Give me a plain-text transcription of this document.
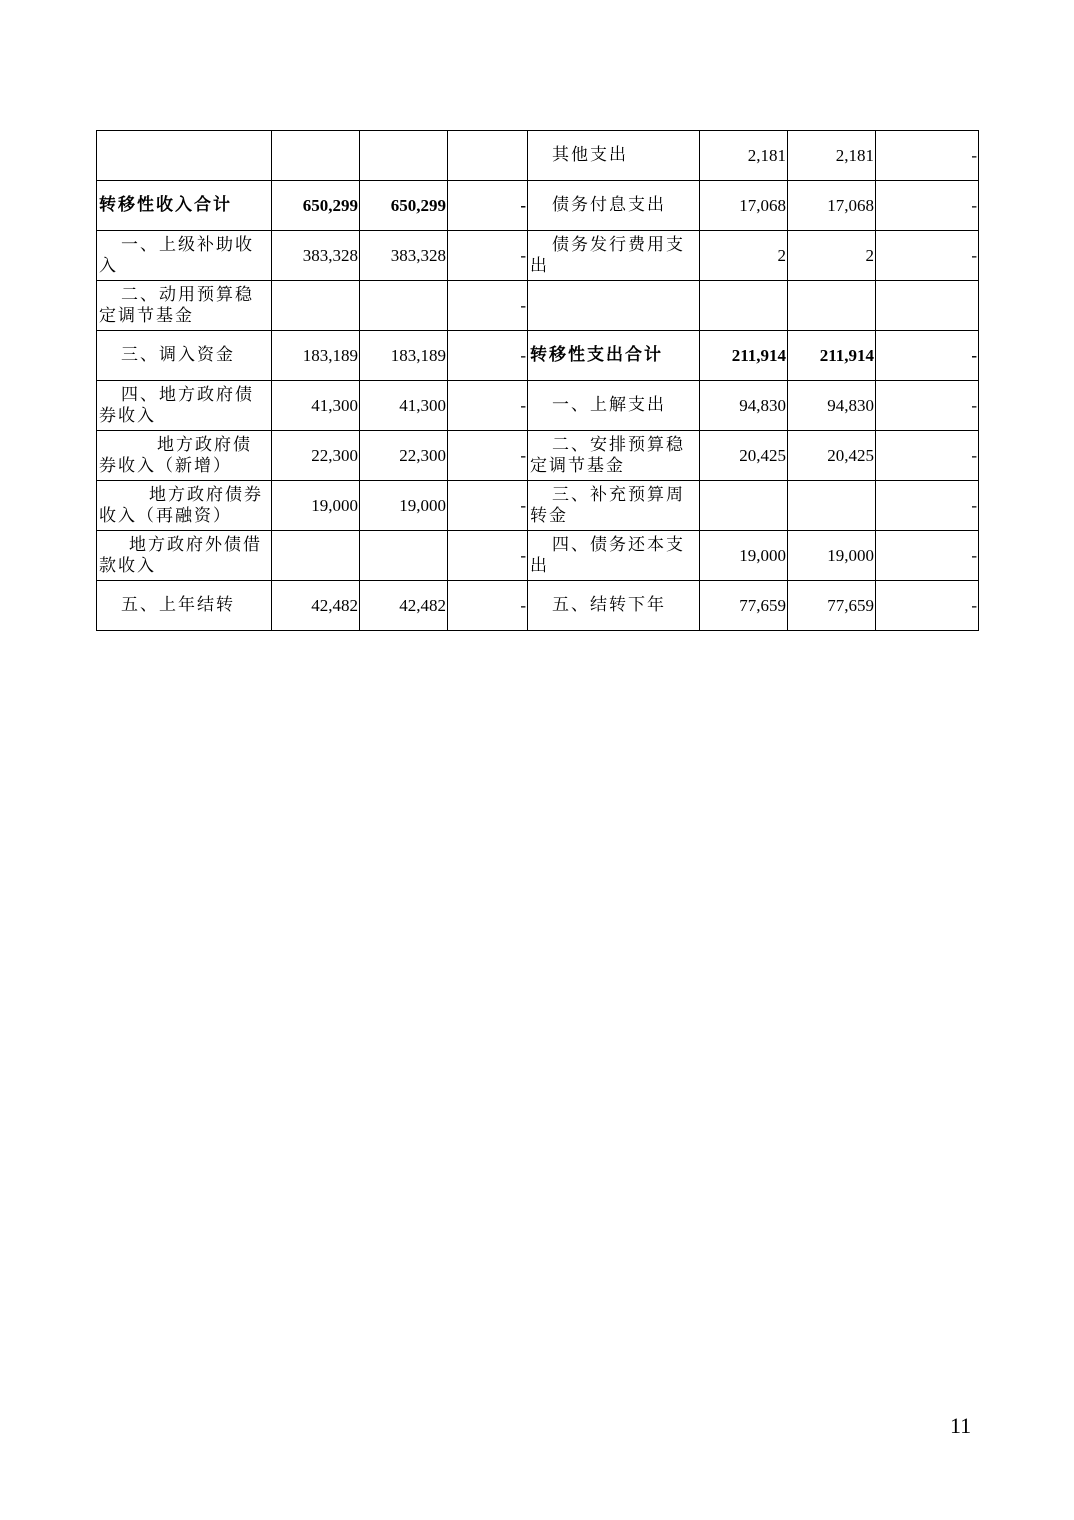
				其他支出	2,181	2,181	-

转移性收入合计	650,299	650,299	-	债务付息支出	17,068	17,068	-

一、上级补助收入	383,328	383,328	-	债务发行费用支出	2	2	-

二、动用预算稳定调节基金			-	

三、调入资金	183,189	183,189	-	转移性支出合计	211,914	211,914	-

四、地方政府债券收入	41,300	41,300	-	一、上解支出	94,830	94,830	-

地方政府债券收入（新增）	22,300	22,300	-	二、安排预算稳定调节基金	20,425	20,425	-

地方政府债券收入（再融资）	19,000	19,000	-	三、补充预算周转金			-

地方政府外债借款收入			-	四、债务还本支出	19,000	19,000	-

五、上年结转	42,482	42,482	-	五、结转下年	77,659	77,659	-
11
